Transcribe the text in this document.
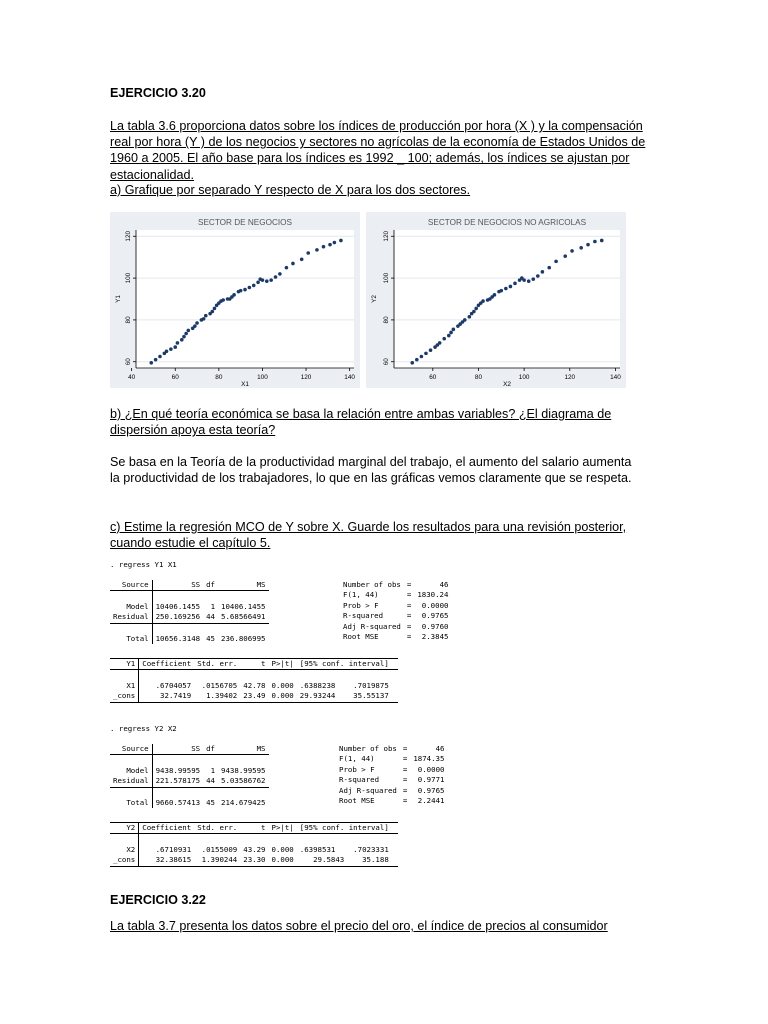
EJERCICIO 3.20

La tabla 3.6 proporciona datos sobre los índices de producción por hora (X ) y la compensación
real por hora (Y ) de los negocios y sectores no agrícolas de la economía de Estados Unidos de
1960 a 2005. El año base para los índices es 1992 _ 100; además, los índices se ajustan por
estacionalidad.

a) Grafique por separado Y respecto de X para los dos sectores.

40	60	80	100	120	140
60
80
100
120
SECTOR DE NEGOCIOS
X1
Y1
60	80	100	120	140
60
80
100
120
SECTOR DE NEGOCIOS NO AGRICOLAS
X2
Y2
b) ¿En qué teoría económica se basa la relación entre ambas variables? ¿El diagrama de
dispersión apoya esta teoría?
Se basa en la Teoría de la productividad marginal del trabajo, el aumento del salario aumenta
la productividad de los trabajadores, lo que en las gráficas vemos claramente que se respeta.
c) Estime la regresión MCO de Y sobre X. Guarde los resultados para una revisión posterior,
cuando estudie el capítulo 5.
. regress Y1 X1
Source	SS	df	MS

Model	10406.1455	1	10406.1455
Residual	250.169256	44	5.68566491

Total	10656.3148	45	236.806995
Number of obs	=	46
F(1, 44)	=	1830.24
Prob > F	=	0.0000
R-squared	=	0.9765
Adj R-squared	=	0.9760
Root MSE	=	2.3845
Y1	Coefficient	Std. err.	t	P>|t|	[95% conf. interval]	

X1	.6704057	.0156705	42.78	0.000	.6388238 .7019875	
_cons	32.7419	1.39402	23.49	0.000	29.93244 35.55137	
. regress Y2 X2
Source	SS	df	MS

Model	9438.99595	1	9438.99595
Residual	221.578175	44	5.03586762

Total	9660.57413	45	214.679425
Number of obs	=	46
F(1, 44)	=	1874.35
Prob > F	=	0.0000
R-squared	=	0.9771
Adj R-squared	=	0.9765
Root MSE	=	2.2441
Y2	Coefficient	Std. err.	t	P>|t|	[95% conf. interval]	

X2	.6710931	.0155009	43.29	0.000	.6398531 .7023331	
_cons	32.38615	1.390244	23.30	0.000	29.5843 35.188	

EJERCICIO 3.22

La tabla 3.7 presenta los datos sobre el precio del oro, el índice de precios al consumidor
